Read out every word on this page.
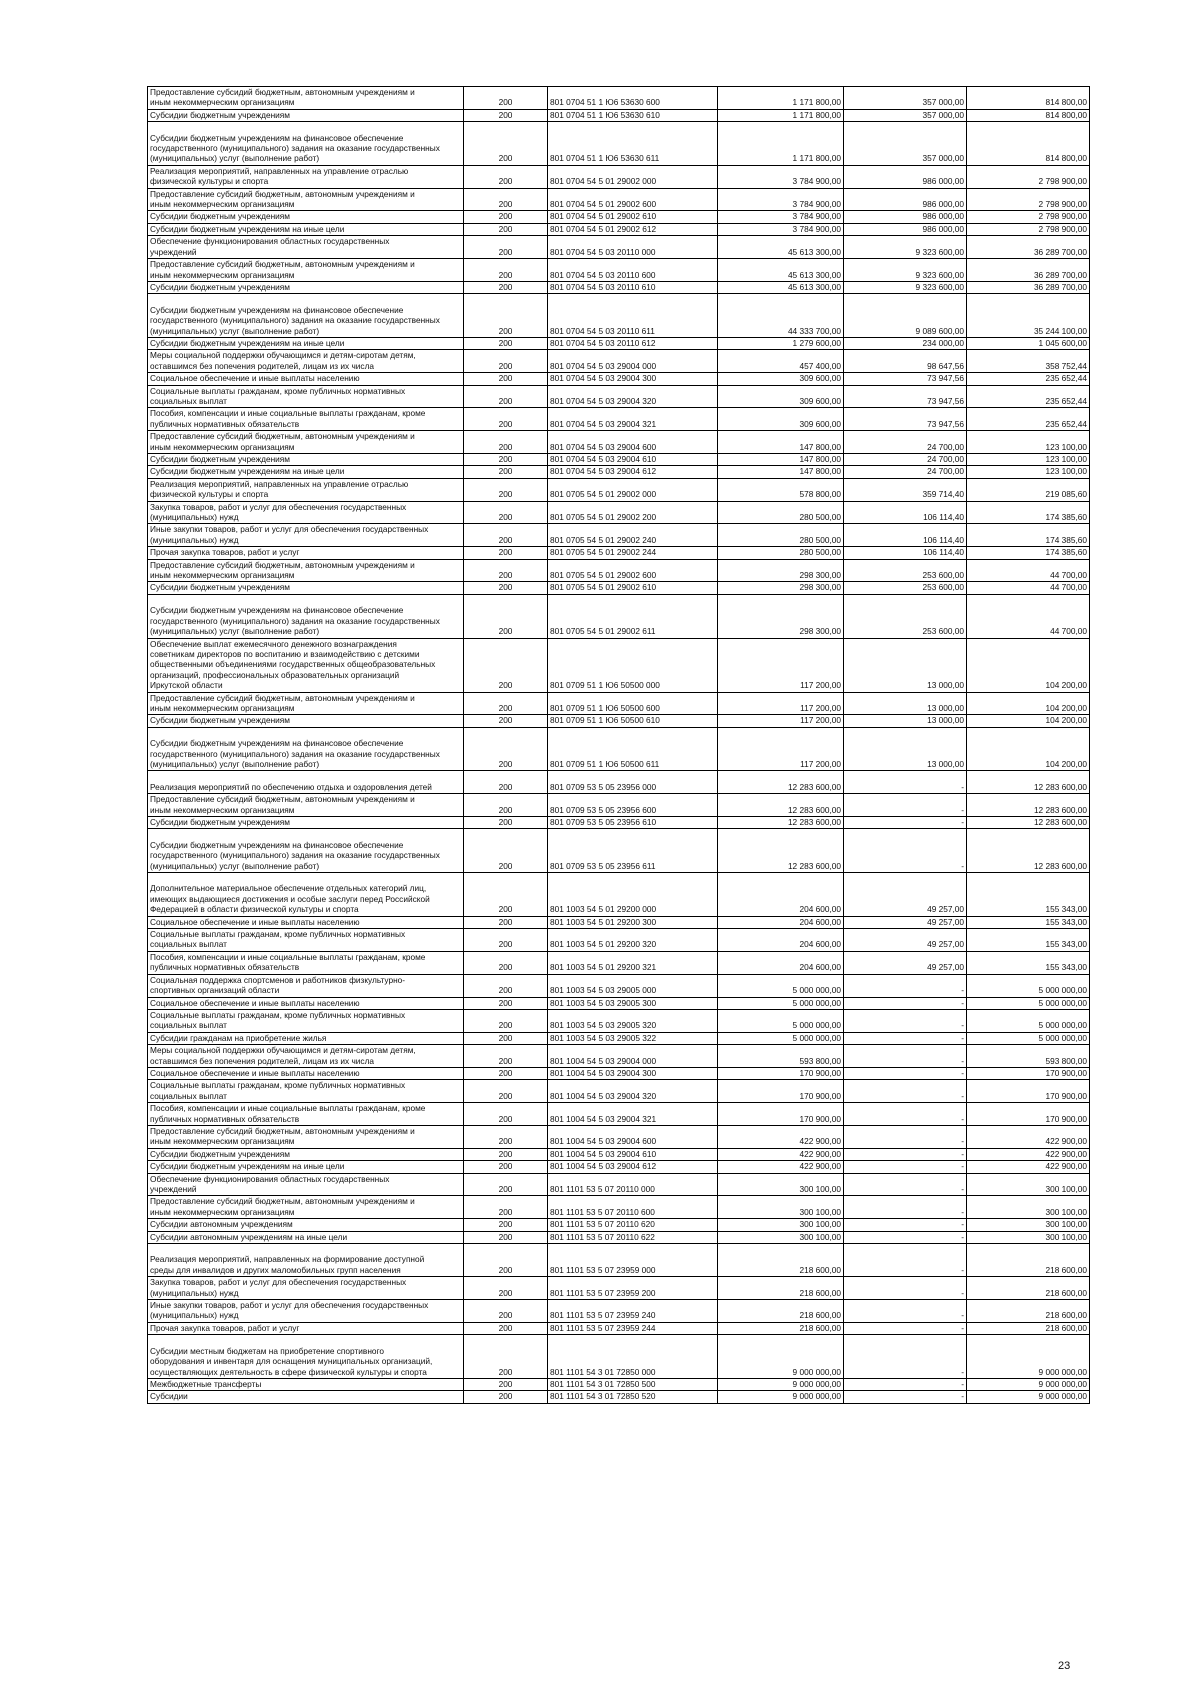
Предоставление субсидий бюджетным, автономным учреждениям и
иным некоммерческим организациям	200	801 0704 51 1 Ю6 53630 600	1 171 800,00	357 000,00	814 800,00
Субсидии бюджетным учреждениям	200	801 0704 51 1 Ю6 53630 610	1 171 800,00	357 000,00	814 800,00

Субсидии бюджетным учреждениям на финансовое обеспечение
государственного (муниципального) задания на оказание государственных
(муниципальных) услуг (выполнение работ)	200	801 0704 51 1 Ю6 53630 611	1 171 800,00	357 000,00	814 800,00
Реализация мероприятий, направленных на управление отраслью
физической культуры и спорта	200	801 0704 54 5 01 29002 000	3 784 900,00	986 000,00	2 798 900,00
Предоставление субсидий бюджетным, автономным учреждениям и
иным некоммерческим организациям	200	801 0704 54 5 01 29002 600	3 784 900,00	986 000,00	2 798 900,00
Субсидии бюджетным учреждениям	200	801 0704 54 5 01 29002 610	3 784 900,00	986 000,00	2 798 900,00
Субсидии бюджетным учреждениям на иные цели	200	801 0704 54 5 01 29002 612	3 784 900,00	986 000,00	2 798 900,00
Обеспечение функционирования областных государственных
учреждений	200	801 0704 54 5 03 20110 000	45 613 300,00	9 323 600,00	36 289 700,00
Предоставление субсидий бюджетным, автономным учреждениям и
иным некоммерческим организациям	200	801 0704 54 5 03 20110 600	45 613 300,00	9 323 600,00	36 289 700,00
Субсидии бюджетным учреждениям	200	801 0704 54 5 03 20110 610	45 613 300,00	9 323 600,00	36 289 700,00

Субсидии бюджетным учреждениям на финансовое обеспечение
государственного (муниципального) задания на оказание государственных
(муниципальных) услуг (выполнение работ)	200	801 0704 54 5 03 20110 611	44 333 700,00	9 089 600,00	35 244 100,00
Субсидии бюджетным учреждениям на иные цели	200	801 0704 54 5 03 20110 612	1 279 600,00	234 000,00	1 045 600,00
Меры социальной поддержки обучающимся и детям-сиротам детям,
оставшимся без попечения родителей, лицам из их числа	200	801 0704 54 5 03 29004 000	457 400,00	98 647,56	358 752,44
Социальное обеспечение и иные выплаты населению	200	801 0704 54 5 03 29004 300	309 600,00	73 947,56	235 652,44
Социальные выплаты гражданам, кроме публичных нормативных
социальных выплат	200	801 0704 54 5 03 29004 320	309 600,00	73 947,56	235 652,44
Пособия, компенсации и иные социальные выплаты гражданам, кроме
публичных нормативных обязательств	200	801 0704 54 5 03 29004 321	309 600,00	73 947,56	235 652,44
Предоставление субсидий бюджетным, автономным учреждениям и
иным некоммерческим организациям	200	801 0704 54 5 03 29004 600	147 800,00	24 700,00	123 100,00
Субсидии бюджетным учреждениям	200	801 0704 54 5 03 29004 610	147 800,00	24 700,00	123 100,00
Субсидии бюджетным учреждениям на иные цели	200	801 0704 54 5 03 29004 612	147 800,00	24 700,00	123 100,00
Реализация мероприятий, направленных на управление отраслью
физической культуры и спорта	200	801 0705 54 5 01 29002 000	578 800,00	359 714,40	219 085,60
Закупка товаров, работ и услуг для обеспечения государственных
(муниципальных) нужд	200	801 0705 54 5 01 29002 200	280 500,00	106 114,40	174 385,60
Иные закупки товаров, работ и услуг для обеспечения государственных
(муниципальных) нужд	200	801 0705 54 5 01 29002 240	280 500,00	106 114,40	174 385,60
Прочая закупка товаров, работ и услуг	200	801 0705 54 5 01 29002 244	280 500,00	106 114,40	174 385,60
Предоставление субсидий бюджетным, автономным учреждениям и
иным некоммерческим организациям	200	801 0705 54 5 01 29002 600	298 300,00	253 600,00	44 700,00
Субсидии бюджетным учреждениям	200	801 0705 54 5 01 29002 610	298 300,00	253 600,00	44 700,00

Субсидии бюджетным учреждениям на финансовое обеспечение
государственного (муниципального) задания на оказание государственных
(муниципальных) услуг (выполнение работ)	200	801 0705 54 5 01 29002 611	298 300,00	253 600,00	44 700,00
Обеспечение выплат ежемесячного денежного вознаграждения
советникам директоров по воспитанию и взаимодействию с детскими
общественными объединениями государственных общеобразовательных
организаций, профессиональных образовательных организаций
Иркутской области	200	801 0709 51 1 Ю6 50500 000	117 200,00	13 000,00	104 200,00
Предоставление субсидий бюджетным, автономным учреждениям и
иным некоммерческим организациям	200	801 0709 51 1 Ю6 50500 600	117 200,00	13 000,00	104 200,00
Субсидии бюджетным учреждениям	200	801 0709 51 1 Ю6 50500 610	117 200,00	13 000,00	104 200,00

Субсидии бюджетным учреждениям на финансовое обеспечение
государственного (муниципального) задания на оказание государственных
(муниципальных) услуг (выполнение работ)	200	801 0709 51 1 Ю6 50500 611	117 200,00	13 000,00	104 200,00

Реализация мероприятий по обеспечению отдыха и оздоровления детей	200	801 0709 53 5 05 23956 000	12 283 600,00	-	12 283 600,00
Предоставление субсидий бюджетным, автономным учреждениям и
иным некоммерческим организациям	200	801 0709 53 5 05 23956 600	12 283 600,00	-	12 283 600,00
Субсидии бюджетным учреждениям	200	801 0709 53 5 05 23956 610	12 283 600,00	-	12 283 600,00

Субсидии бюджетным учреждениям на финансовое обеспечение
государственного (муниципального) задания на оказание государственных
(муниципальных) услуг (выполнение работ)	200	801 0709 53 5 05 23956 611	12 283 600,00	-	12 283 600,00

Дополнительное материальное обеспечение отдельных категорий лиц,
имеющих выдающиеся достижения и особые заслуги перед Российской
Федерацией в области физической культуры и спорта	200	801 1003 54 5 01 29200 000	204 600,00	49 257,00	155 343,00
Социальное обеспечение и иные выплаты населению	200	801 1003 54 5 01 29200 300	204 600,00	49 257,00	155 343,00
Социальные выплаты гражданам, кроме публичных нормативных
социальных выплат	200	801 1003 54 5 01 29200 320	204 600,00	49 257,00	155 343,00
Пособия, компенсации и иные социальные выплаты гражданам, кроме
публичных нормативных обязательств	200	801 1003 54 5 01 29200 321	204 600,00	49 257,00	155 343,00
Социальная поддержка спортсменов и работников физкультурно-
спортивных организаций области	200	801 1003 54 5 03 29005 000	5 000 000,00	-	5 000 000,00
Социальное обеспечение и иные выплаты населению	200	801 1003 54 5 03 29005 300	5 000 000,00	-	5 000 000,00
Социальные выплаты гражданам, кроме публичных нормативных
социальных выплат	200	801 1003 54 5 03 29005 320	5 000 000,00	-	5 000 000,00
Субсидии гражданам на приобретение жилья	200	801 1003 54 5 03 29005 322	5 000 000,00	-	5 000 000,00
Меры социальной поддержки обучающимся и детям-сиротам детям,
оставшимся без попечения родителей, лицам из их числа	200	801 1004 54 5 03 29004 000	593 800,00	-	593 800,00
Социальное обеспечение и иные выплаты населению	200	801 1004 54 5 03 29004 300	170 900,00	-	170 900,00
Социальные выплаты гражданам, кроме публичных нормативных
социальных выплат	200	801 1004 54 5 03 29004 320	170 900,00	-	170 900,00
Пособия, компенсации и иные социальные выплаты гражданам, кроме
публичных нормативных обязательств	200	801 1004 54 5 03 29004 321	170 900,00	-	170 900,00
Предоставление субсидий бюджетным, автономным учреждениям и
иным некоммерческим организациям	200	801 1004 54 5 03 29004 600	422 900,00	-	422 900,00
Субсидии бюджетным учреждениям	200	801 1004 54 5 03 29004 610	422 900,00	-	422 900,00
Субсидии бюджетным учреждениям на иные цели	200	801 1004 54 5 03 29004 612	422 900,00	-	422 900,00
Обеспечение функционирования областных государственных
учреждений	200	801 1101 53 5 07 20110 000	300 100,00	-	300 100,00
Предоставление субсидий бюджетным, автономным учреждениям и
иным некоммерческим организациям	200	801 1101 53 5 07 20110 600	300 100,00	-	300 100,00
Субсидии автономным учреждениям	200	801 1101 53 5 07 20110 620	300 100,00	-	300 100,00
Субсидии автономным учреждениям на иные цели	200	801 1101 53 5 07 20110 622	300 100,00	-	300 100,00

Реализация мероприятий, направленных на формирование доступной
среды для инвалидов и других маломобильных групп населения	200	801 1101 53 5 07 23959 000	218 600,00	-	218 600,00
Закупка товаров, работ и услуг для обеспечения государственных
(муниципальных) нужд	200	801 1101 53 5 07 23959 200	218 600,00	-	218 600,00
Иные закупки товаров, работ и услуг для обеспечения государственных
(муниципальных) нужд	200	801 1101 53 5 07 23959 240	218 600,00	-	218 600,00
Прочая закупка товаров, работ и услуг	200	801 1101 53 5 07 23959 244	218 600,00	-	218 600,00

Субсидии местным бюджетам на приобретение спортивного
оборудования и инвентаря для оснащения муниципальных организаций,
осуществляющих деятельность в сфере физической культуры и спорта	200	801 1101 54 3 01 72850 000	9 000 000,00	-	9 000 000,00
Межбюджетные трансферты	200	801 1101 54 3 01 72850 500	9 000 000,00	-	9 000 000,00
Субсидии	200	801 1101 54 3 01 72850 520	9 000 000,00	-	9 000 000,00
23
